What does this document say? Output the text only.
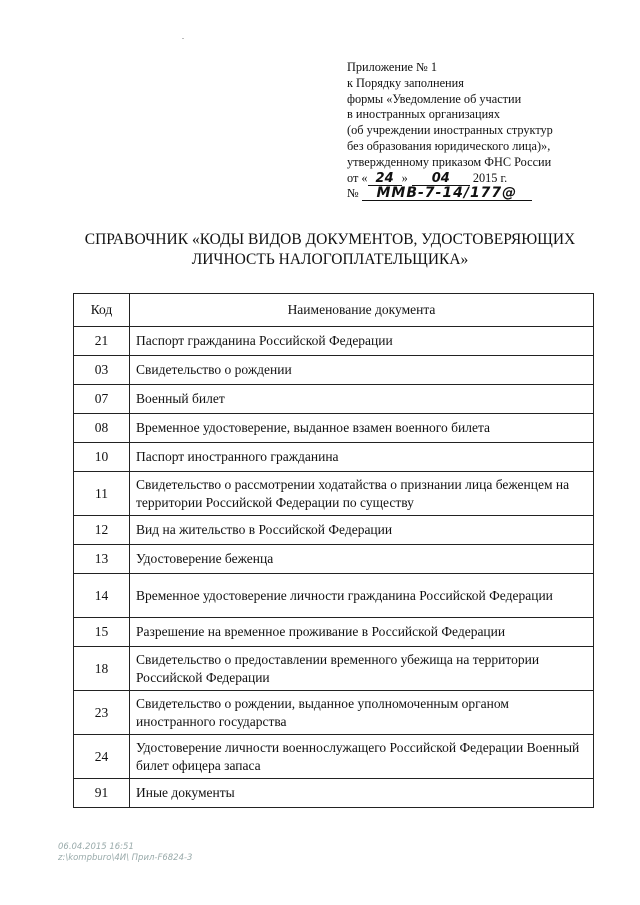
Приложение № 1
к Порядку заполнения
формы «Уведомление об участии
в иностранных организациях
(об учреждении иностранных структур
без образования юридического лица)»,
утвержденному приказом ФНС России
от « 24 » 04 2015 г.
№ ММВ-7-14/177@
СПРАВОЧНИК «КОДЫ ВИДОВ ДОКУМЕНТОВ, УДОСТОВЕРЯЮЩИХ
ЛИЧНОСТЬ НАЛОГОПЛАТЕЛЬЩИКА»
Код	Наименование документа
21	Паспорт гражданина Российской Федерации
03	Свидетельство о рождении
07	Военный билет
08	Временное удостоверение, выданное взамен военного билета
10	Паспорт иностранного гражданина
11	Свидетельство о рассмотрении ходатайства о признании лица беженцем на территории Российской Федерации по существу
12	Вид на жительство в Российской Федерации
13	Удостоверение беженца
14	Временное удостоверение личности гражданина Российской Федерации
15	Разрешение на временное проживание в Российской Федерации
18	Свидетельство о предоставлении временного убежища на территории Российской Федерации
23	Свидетельство о рождении, выданное уполномоченным органом иностранного государства
24	Удостоверение личности военнослужащего Российской Федерации Военный билет офицера запаса
91	Иные документы
06.04.2015 16:51
z:\kompburo\4И\ Прил-F6824-3
